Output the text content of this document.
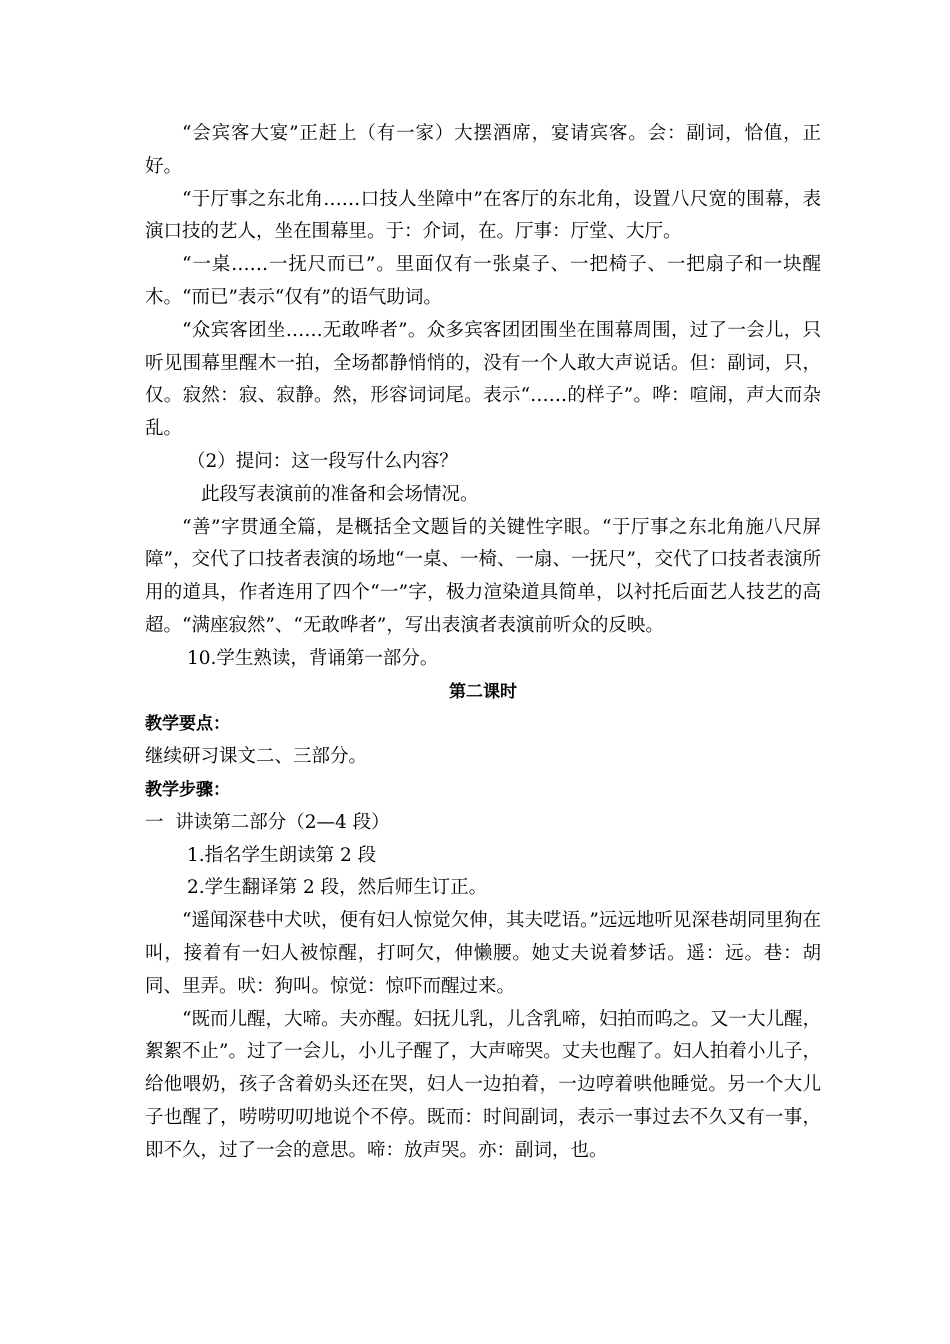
“会宾客大宴”正赶上（有一家）大摆酒席，宴请宾客。会：副词，恰值，正好。

“于厅事之东北角……口技人坐障中”在客厅的东北角，设置八尺宽的围幕，表演口技的艺人，坐在围幕里。于：介词，在。厅事：厅堂、大厅。

“一桌……一抚尺而已”。里面仅有一张桌子、一把椅子、一把扇子和一块醒木。“而已”表示“仅有”的语气助词。

“众宾客团坐……无敢哗者”。众多宾客团团围坐在围幕周围，过了一会儿，只听见围幕里醒木一拍，全场都静悄悄的，没有一个人敢大声说话。但：副词，只，仅。寂然：寂、寂静。然，形容词词尾。表示“……的样子”。哗：喧闹，声大而杂乱。

（2）提问：这一段写什么内容？

此段写表演前的准备和会场情况。

“善”字贯通全篇，是概括全文题旨的关键性字眼。“于厅事之东北角施八尺屏障”，交代了口技者表演的场地“一桌、一椅、一扇、一抚尺”，交代了口技者表演所用的道具，作者连用了四个“一”字，极力渲染道具简单，以衬托后面艺人技艺的高超。“满座寂然”、“无敢哗者”，写出表演者表演前听众的反映。

10.学生熟读，背诵第一部分。

第二课时

教学要点：

继续研习课文二、三部分。

教学步骤：

一  讲读第二部分（2—4 段）

1.指名学生朗读第 2 段

2.学生翻译第 2 段，然后师生订正。

“遥闻深巷中犬吠，便有妇人惊觉欠伸，其夫呓语。”远远地听见深巷胡同里狗在叫，接着有一妇人被惊醒，打呵欠，伸懒腰。她丈夫说着梦话。遥：远。巷：胡同、里弄。吠：狗叫。惊觉：惊吓而醒过来。

“既而儿醒，大啼。夫亦醒。妇抚儿乳，儿含乳啼，妇拍而呜之。又一大儿醒，絮絮不止”。过了一会儿，小儿子醒了，大声啼哭。丈夫也醒了。妇人拍着小儿子，给他喂奶，孩子含着奶头还在哭，妇人一边拍着，一边哼着哄他睡觉。另一个大儿子也醒了，唠唠叨叨地说个不停。既而：时间副词，表示一事过去不久又有一事，即不久，过了一会的意思。啼：放声哭。亦：副词，也。
